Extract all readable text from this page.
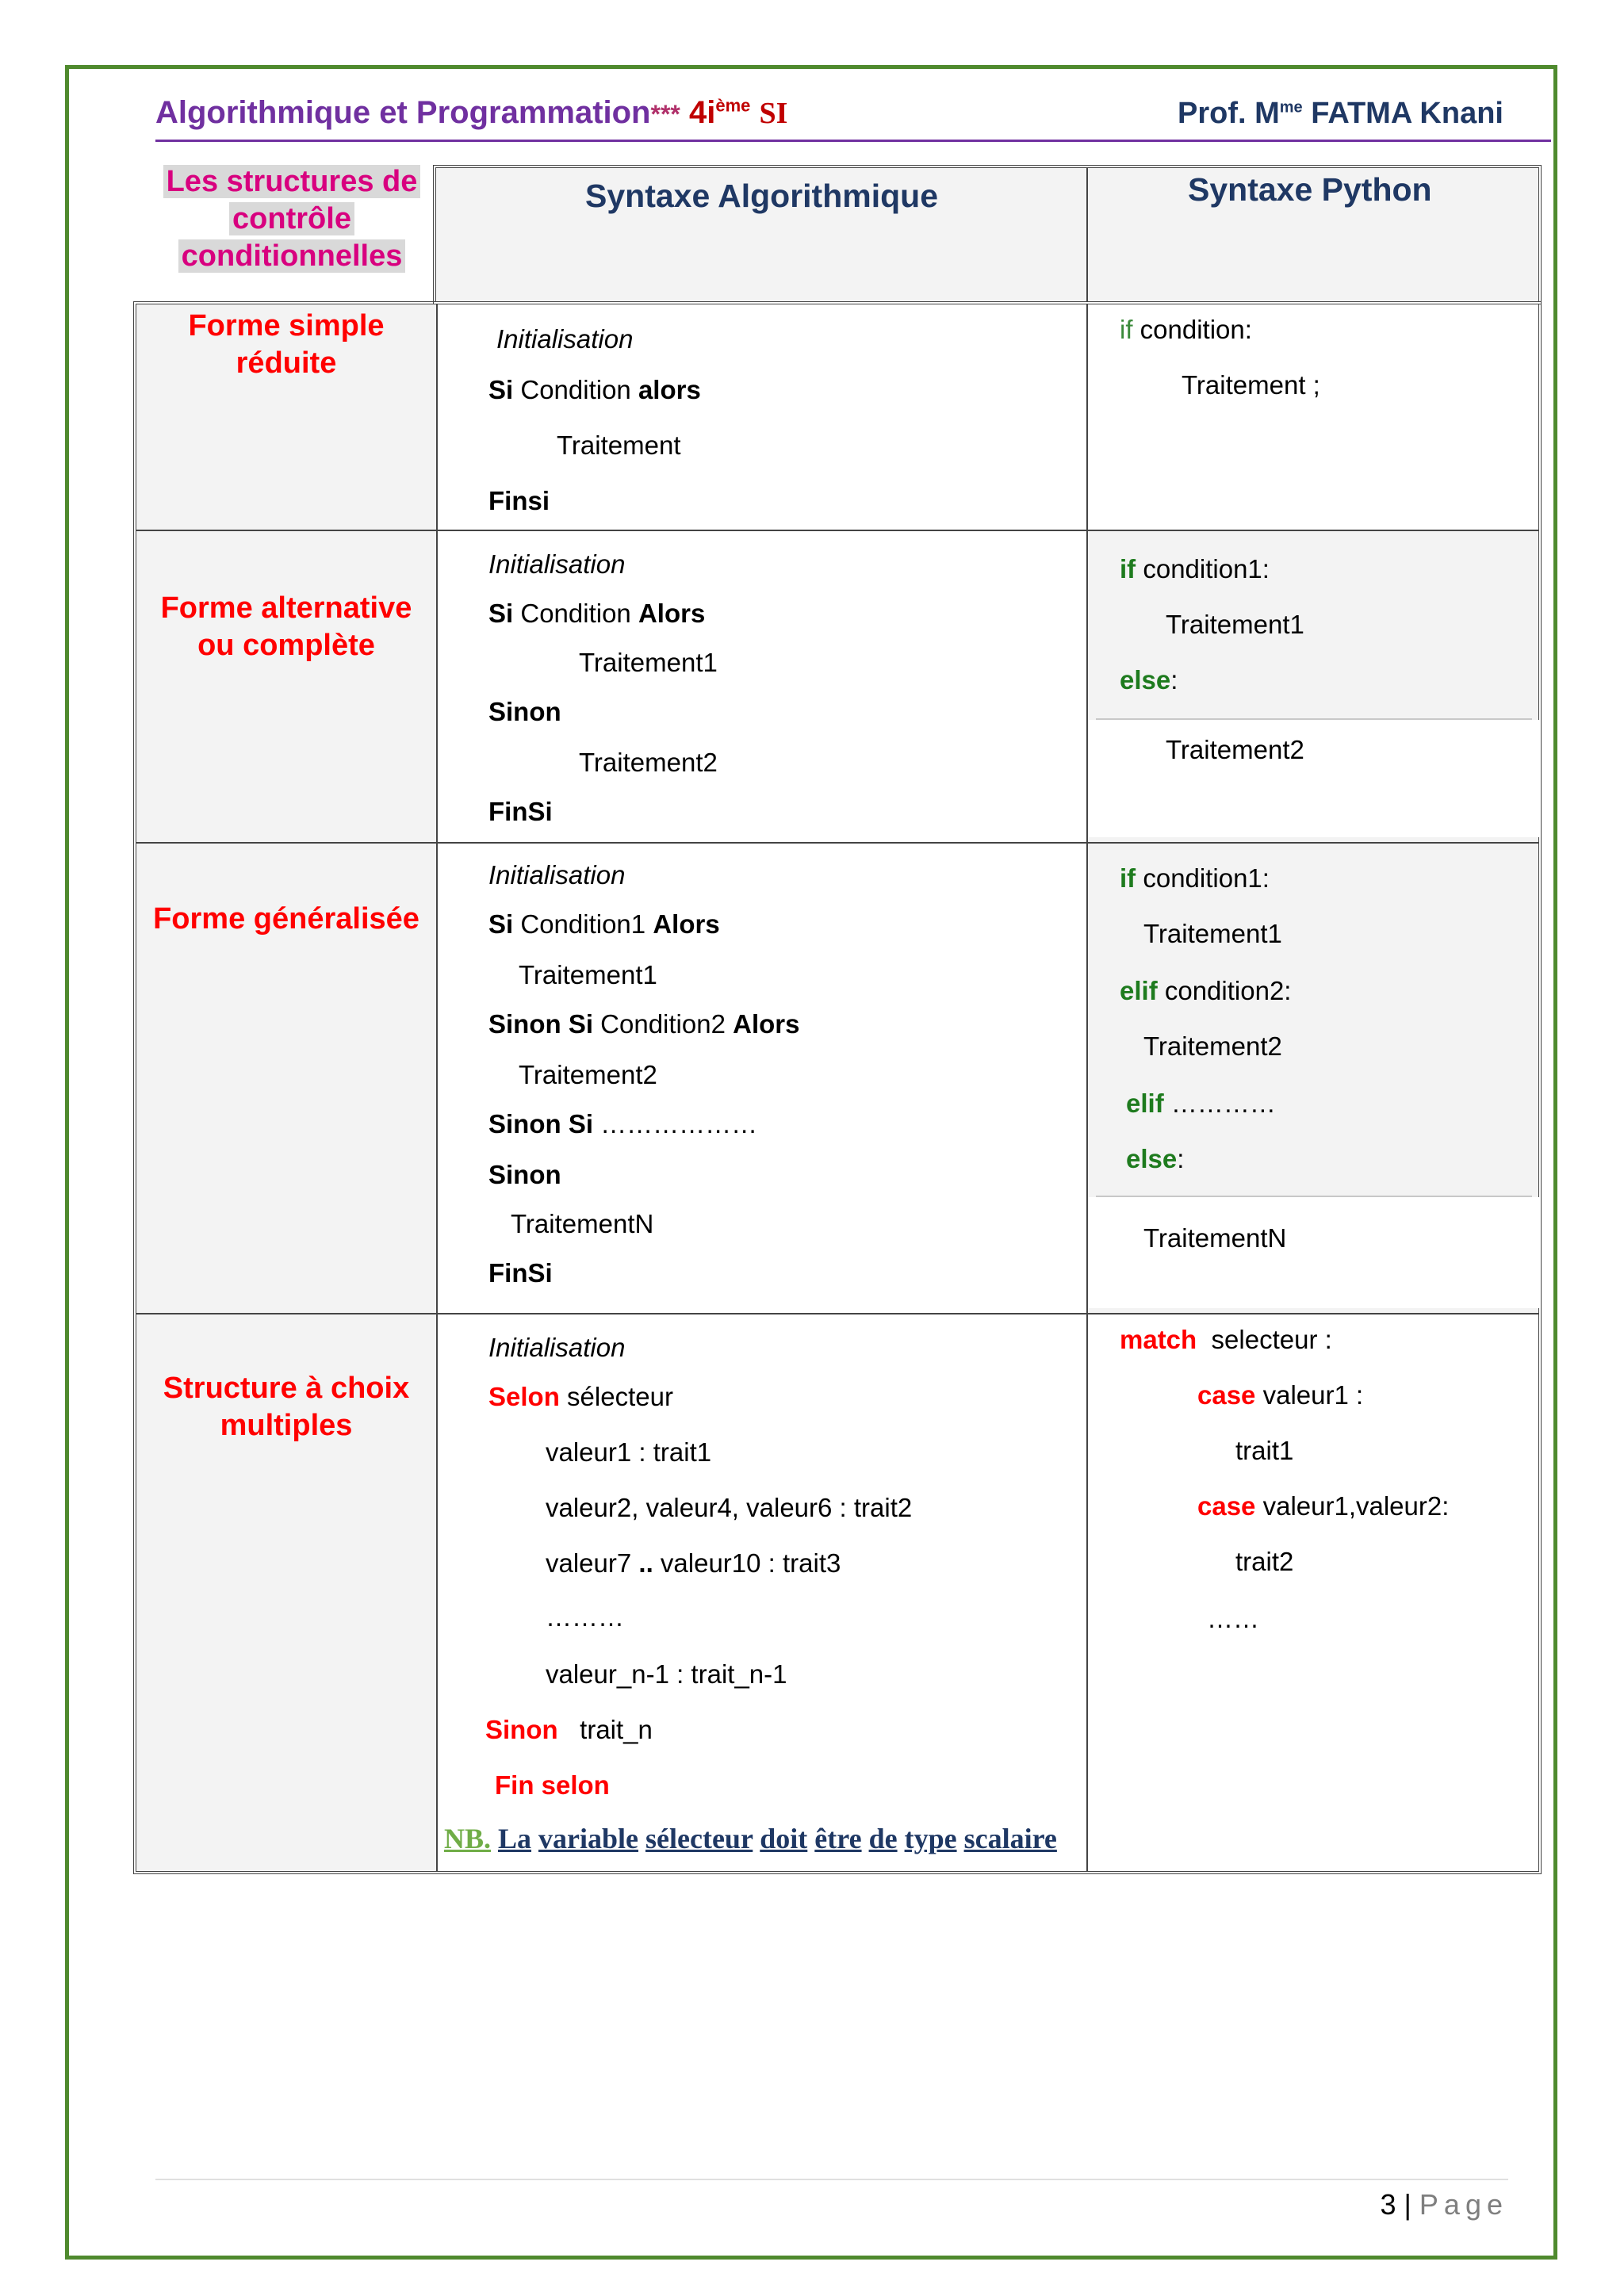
Algorithmique et Programmation*** $4i^{ème}$ SI	Prof. $M^{me}$ FATMA Knani
Les structures de
contrôle
conditionnelles
Syntaxe Algorithmique	Syntaxe Python
Forme simple
réduite
Forme alternative
ou complète
Forme généralisée
Structure à choix
multiples
Initialisation
Si Condition alors
Traitement
Finsi
Initialisation
Si Condition Alors
Traitement1
Sinon
Traitement2
FinSi
Initialisation
Si Condition1 Alors
Traitement1
Sinon Si Condition2 Alors
Traitement2
Sinon Si ………………
Sinon
TraitementN
FinSi
Initialisation
Selon sélecteur
valeur1 : trait1
valeur2, valeur4, valeur6 : trait2
valeur7 .. valeur10 : trait3
………
valeur_n-1 : trait_n-1
Sinon   trait_n
Fin selon
if condition:
Traitement ;
if condition1:
Traitement1
else:
Traitement2
if condition1:
Traitement1
elif condition2:
Traitement2
elif …………
else:
TraitementN
match  selecteur :
case valeur1 :
trait1
case valeur1,valeur2:
trait2
……
NB. La variable sélecteur doit être de type scalaire
3 | Page
